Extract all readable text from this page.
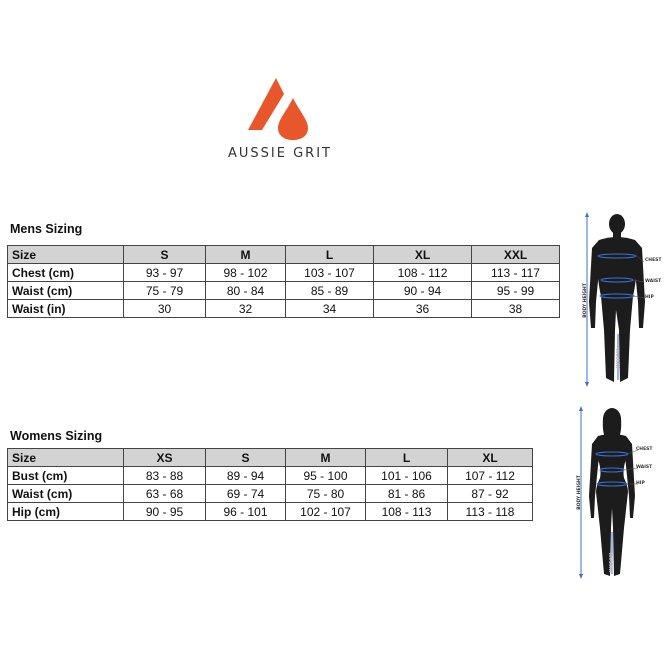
AUSSIE GRIT
Mens Sizing
Size	S	M	L	XL	XXL
Chest (cm)	93 - 97	98 - 102	103 - 107	108 - 112	113 - 117
Waist (cm)	75 - 79	80 - 84	85 - 89	90 - 94	95 - 99
Waist (in)	30	32	34	36	38
CHEST
WAIST
HIP
BODY HEIGHT
INSEAM
Womens Sizing
Size	XS	S	M	L	XL
Bust (cm)	83 - 88	89 - 94	95 - 100	101 - 106	107 - 112
Waist (cm)	63 - 68	69 - 74	75 - 80	81 - 86	87 - 92
Hip (cm)	90 - 95	96 - 101	102 - 107	108 - 113	113 - 118
CHEST
WAIST
HIP
BODY HEIGHT
INSEAM
